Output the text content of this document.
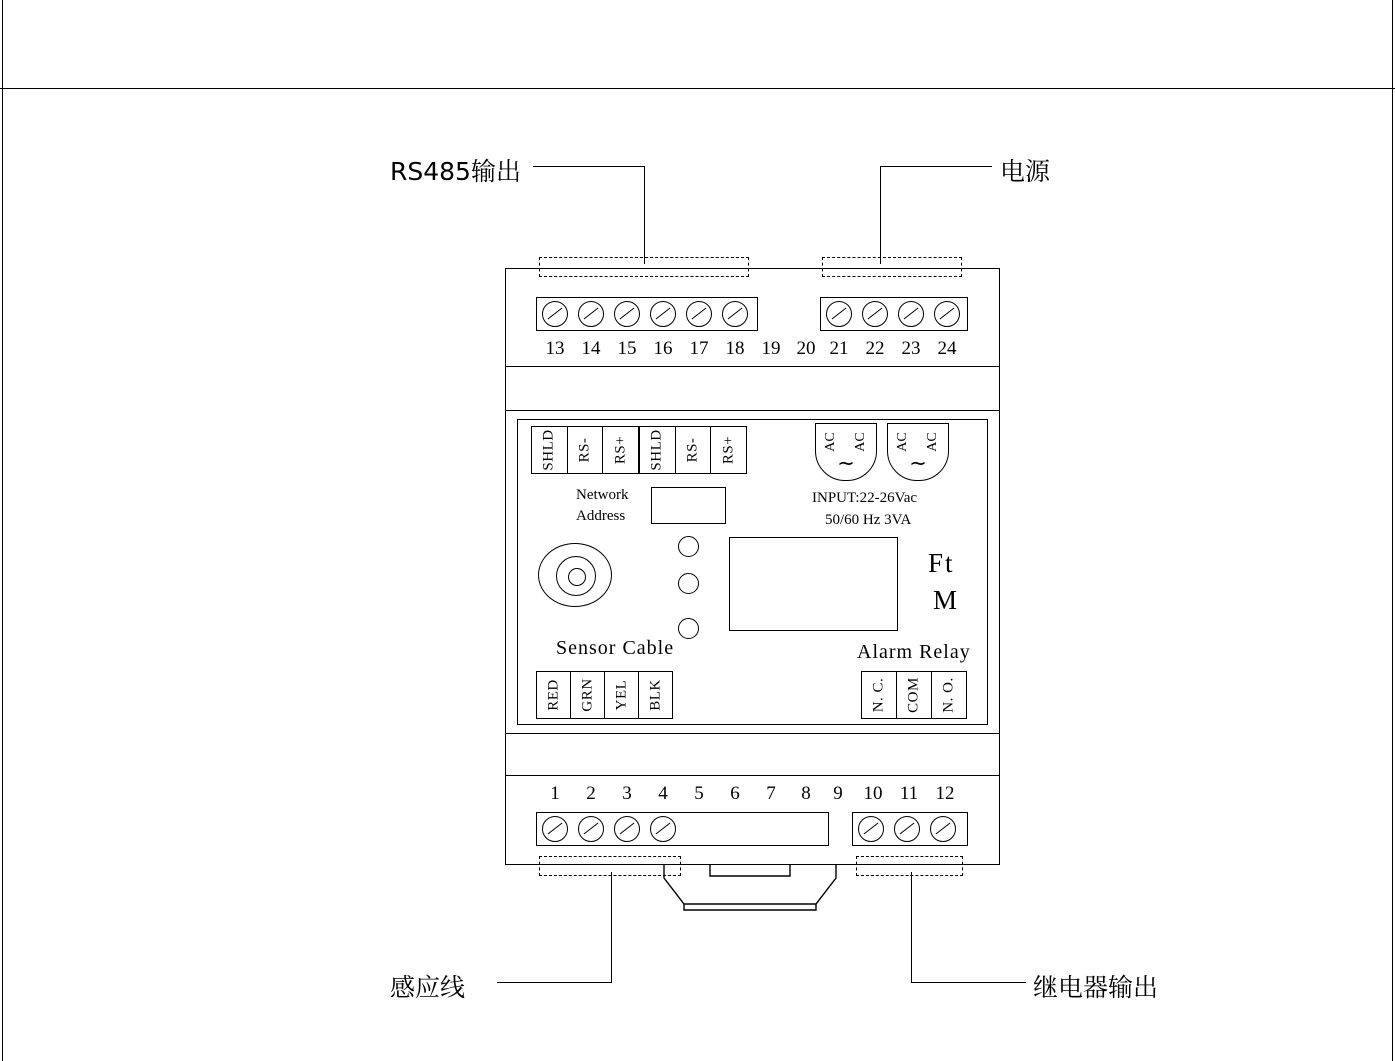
RS485输出	电源
感应线	继电器输出
13 14 15 16 17 18 19 20 21 22 23 24
SHLD RS- RS+ SHLD RS- RS+	AC AC
∼
AC AC
∼
INPUT:22-26Vac
50/60 Hz 3VA
Network
Address
Ft
M
Sensor Cable
RED GRN YEL BLK
Alarm Relay
N. C. COM N. O.
1	2	3	4	5	6	7	8	9	10 11 12
